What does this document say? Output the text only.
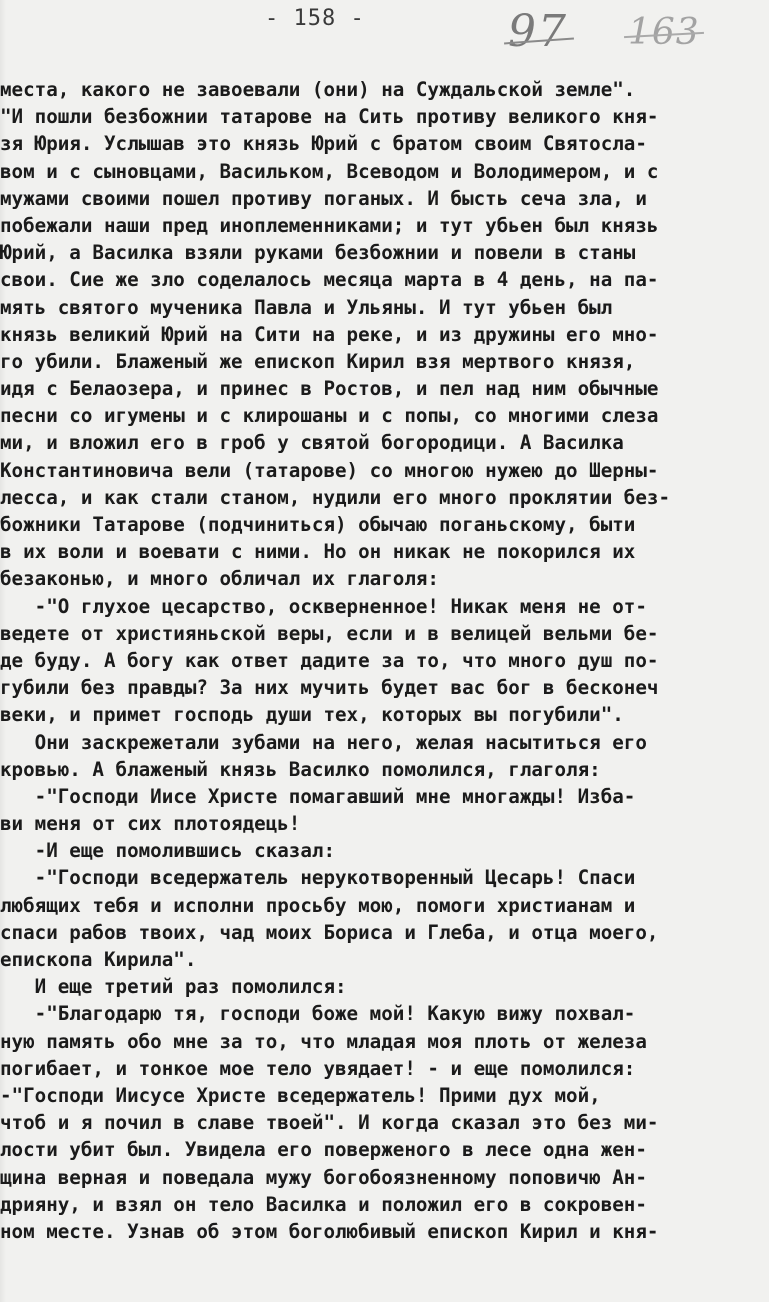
- 158 -	97 163
места, какого не завоевали (они) на Суждальской земле".
"И пошли безбожнии татарове на Сить противу великого кня-
зя Юрия. Услышав это князь Юрий с братом своим Святосла-
вом и с сыновцами, Васильком, Всеводом и Володимером, и с
мужами своими пошел противу поганых. И бысть сеча зла, и
побежали наши пред иноплеменниками; и тут убьен был князь
Юрий, а Василка взяли руками безбожнии и повели в станы
свои. Сие же зло соделалось месяца марта в 4 день, на па-
мять святого мученика Павла и Ульяны. И тут убьен был
князь великий Юрий на Сити на реке, и из дружины его мно-
го убили. Блаженый же епископ Кирил взя мертвого князя,
идя с Белаозера, и принес в Ростов, и пел над ним обычные
песни со игумены и с клирошаны и с попы, со многими слеза
ми, и вложил его в гроб у святой богородици. А Василка
Константиновича вели (татарове) со многою нужею до Шерны-
лесса, и как стали станом, нудили его много проклятии без-
божники Татарове (подчиниться) обычаю поганьскому, быти
в их воли и воевати с ними. Но он никак не покорился их
безаконью, и много обличал их глаголя:
-"О глухое цесарство, оскверненное! Никак меня не от-
ведете от християньской веры, если и в велицей вельми бе-
де буду. А богу как ответ дадите за то, что много душ по-
губили без правды? За них мучить будет вас бог в бесконеч
веки, и примет господь души тех, которых вы погубили".
Они заскрежетали зубами на него, желая насытиться его
кровью. А блаженый князь Василко помолился, глаголя:
-"Господи Иисе Христе помагавший мне многажды! Избa-
ви меня от сих плотоядець!
-И еще помолившись сказал:
-"Господи вседержатель нерукотворенный Цесарь! Спаси
любящих тебя и исполни просьбу мою, помоги христианам и
спаси рабов твоих, чад моих Бориса и Глеба, и отца моего,
епископа Кирила".
И еще третий раз помолился:
-"Благодарю тя, господи боже мой! Какую вижу похвал-
ную память обо мне за то, что младая моя плоть от железа
погибает, и тонкое мое тело увядает! - и еще помолился:
-"Господи Иисусе Христе вседержатель! Прими дух мой,
чтоб и я почил в славе твоей". И когда сказал это без ми-
лости убит был. Увидела его поверженого в лесе одна жен-
щина верная и поведала мужу богобоязненному поповичю Ан-
дрияну, и взял он тело Василка и положил его в сокровен-
ном месте. Узнав об этом боголюбивый епископ Кирил и кня-
